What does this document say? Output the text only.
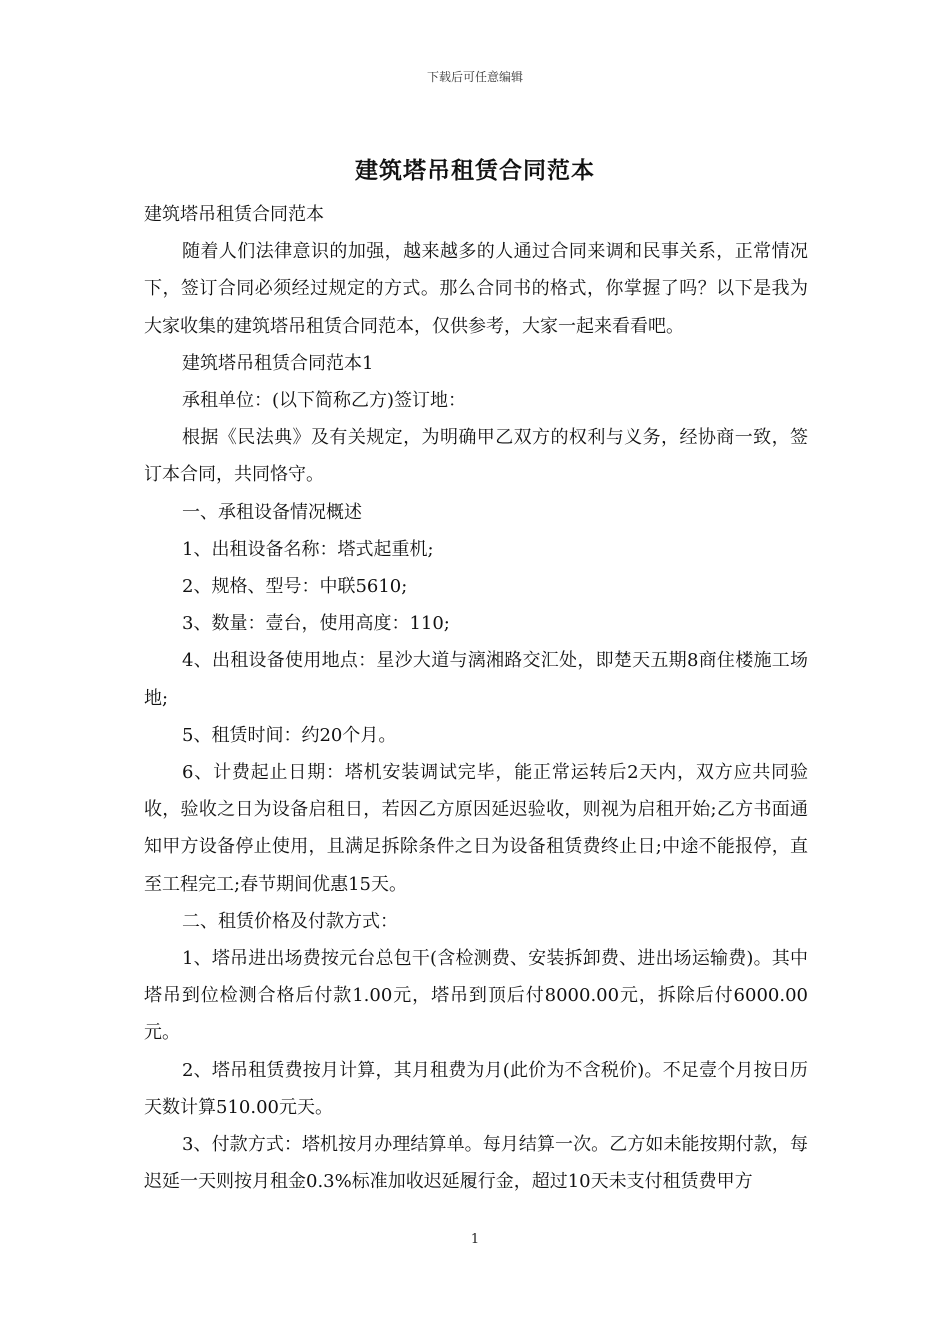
下载后可任意编辑
建筑塔吊租赁合同范本

建筑塔吊租赁合同范本

随着人们法律意识的加强，越来越多的人通过合同来调和民事关系，正常情况下，签订合同必须经过规定的方式。那么合同书的格式，你掌握了吗？以下是我为大家收集的建筑塔吊租赁合同范本，仅供参考，大家一起来看看吧。

建筑塔吊租赁合同范本1

承租单位：(以下简称乙方)签订地：

根据《民法典》及有关规定，为明确甲乙双方的权利与义务，经协商一致，签订本合同，共同恪守。

一、承租设备情况概述

1、出租设备名称：塔式起重机;

2、规格、型号：中联5610;

3、数量：壹台，使用高度：110;

4、出租设备使用地点：星沙大道与漓湘路交汇处，即楚天五期8商住楼施工场地;

5、租赁时间：约20个月。

6、计费起止日期：塔机安装调试完毕，能正常运转后2天内，双方应共同验收，验收之日为设备启租日，若因乙方原因延迟验收，则视为启租开始;乙方书面通知甲方设备停止使用，且满足拆除条件之日为设备租赁费终止日;中途不能报停，直至工程完工;春节期间优惠15天。

二、租赁价格及付款方式：

1、塔吊进出场费按元台总包干(含检测费、安装拆卸费、进出场运输费)。其中塔吊到位检测合格后付款1.00元，塔吊到顶后付8000.00元，拆除后付6000.00元。

2、塔吊租赁费按月计算，其月租费为月(此价为不含税价)。不足壹个月按日历天数计算510.00元天。

3、付款方式：塔机按月办理结算单。每月结算一次。乙方如未能按期付款，每迟延一天则按月租金0.3%标准加收迟延履行金，超过10天未支付租赁费甲方

1
